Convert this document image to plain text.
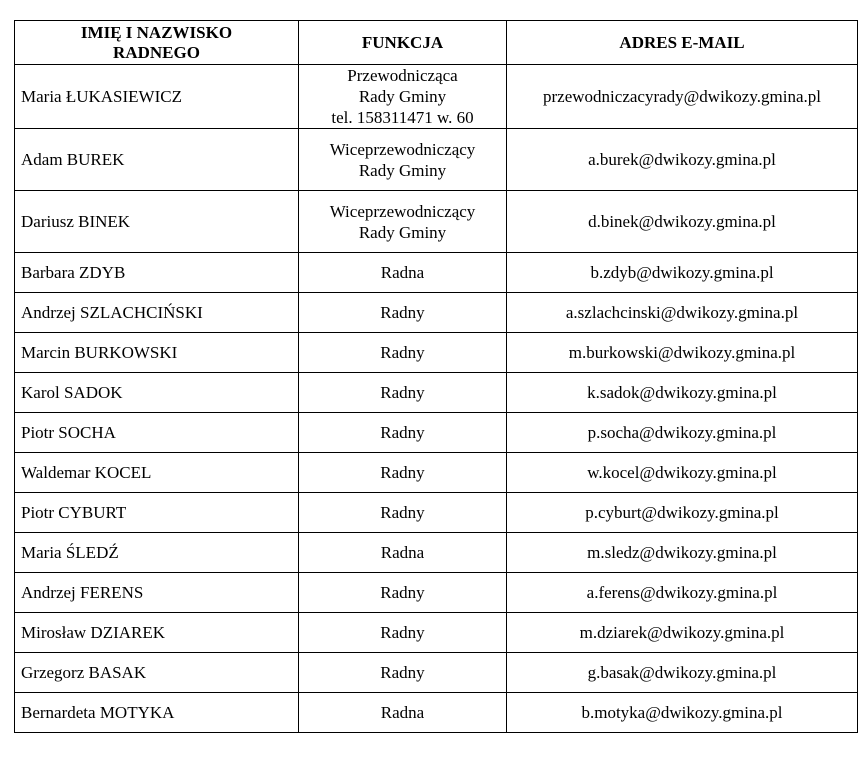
IMIĘ I NAZWISKO
RADNEGO	FUNKCJA	ADRES E-MAIL
Maria ŁUKASIEWICZ	Przewodnicząca
Rady Gminy
tel. 158311471 w. 60	przewodniczacyrady@dwikozy.gmina.pl
Adam BUREK	Wiceprzewodniczący
Rady Gminy	a.burek@dwikozy.gmina.pl
Dariusz BINEK	Wiceprzewodniczący
Rady Gminy	d.binek@dwikozy.gmina.pl
Barbara ZDYB	Radna	b.zdyb@dwikozy.gmina.pl
Andrzej SZLACHCIŃSKI	Radny	a.szlachcinski@dwikozy.gmina.pl
Marcin BURKOWSKI	Radny	m.burkowski@dwikozy.gmina.pl
Karol SADOK	Radny	k.sadok@dwikozy.gmina.pl
Piotr SOCHA	Radny	p.socha@dwikozy.gmina.pl
Waldemar KOCEL	Radny	w.kocel@dwikozy.gmina.pl
Piotr CYBURT	Radny	p.cyburt@dwikozy.gmina.pl
Maria ŚLEDŹ	Radna	m.sledz@dwikozy.gmina.pl
Andrzej FERENS	Radny	a.ferens@dwikozy.gmina.pl
Mirosław DZIAREK	Radny	m.dziarek@dwikozy.gmina.pl
Grzegorz BASAK	Radny	g.basak@dwikozy.gmina.pl
Bernardeta MOTYKA	Radna	b.motyka@dwikozy.gmina.pl
